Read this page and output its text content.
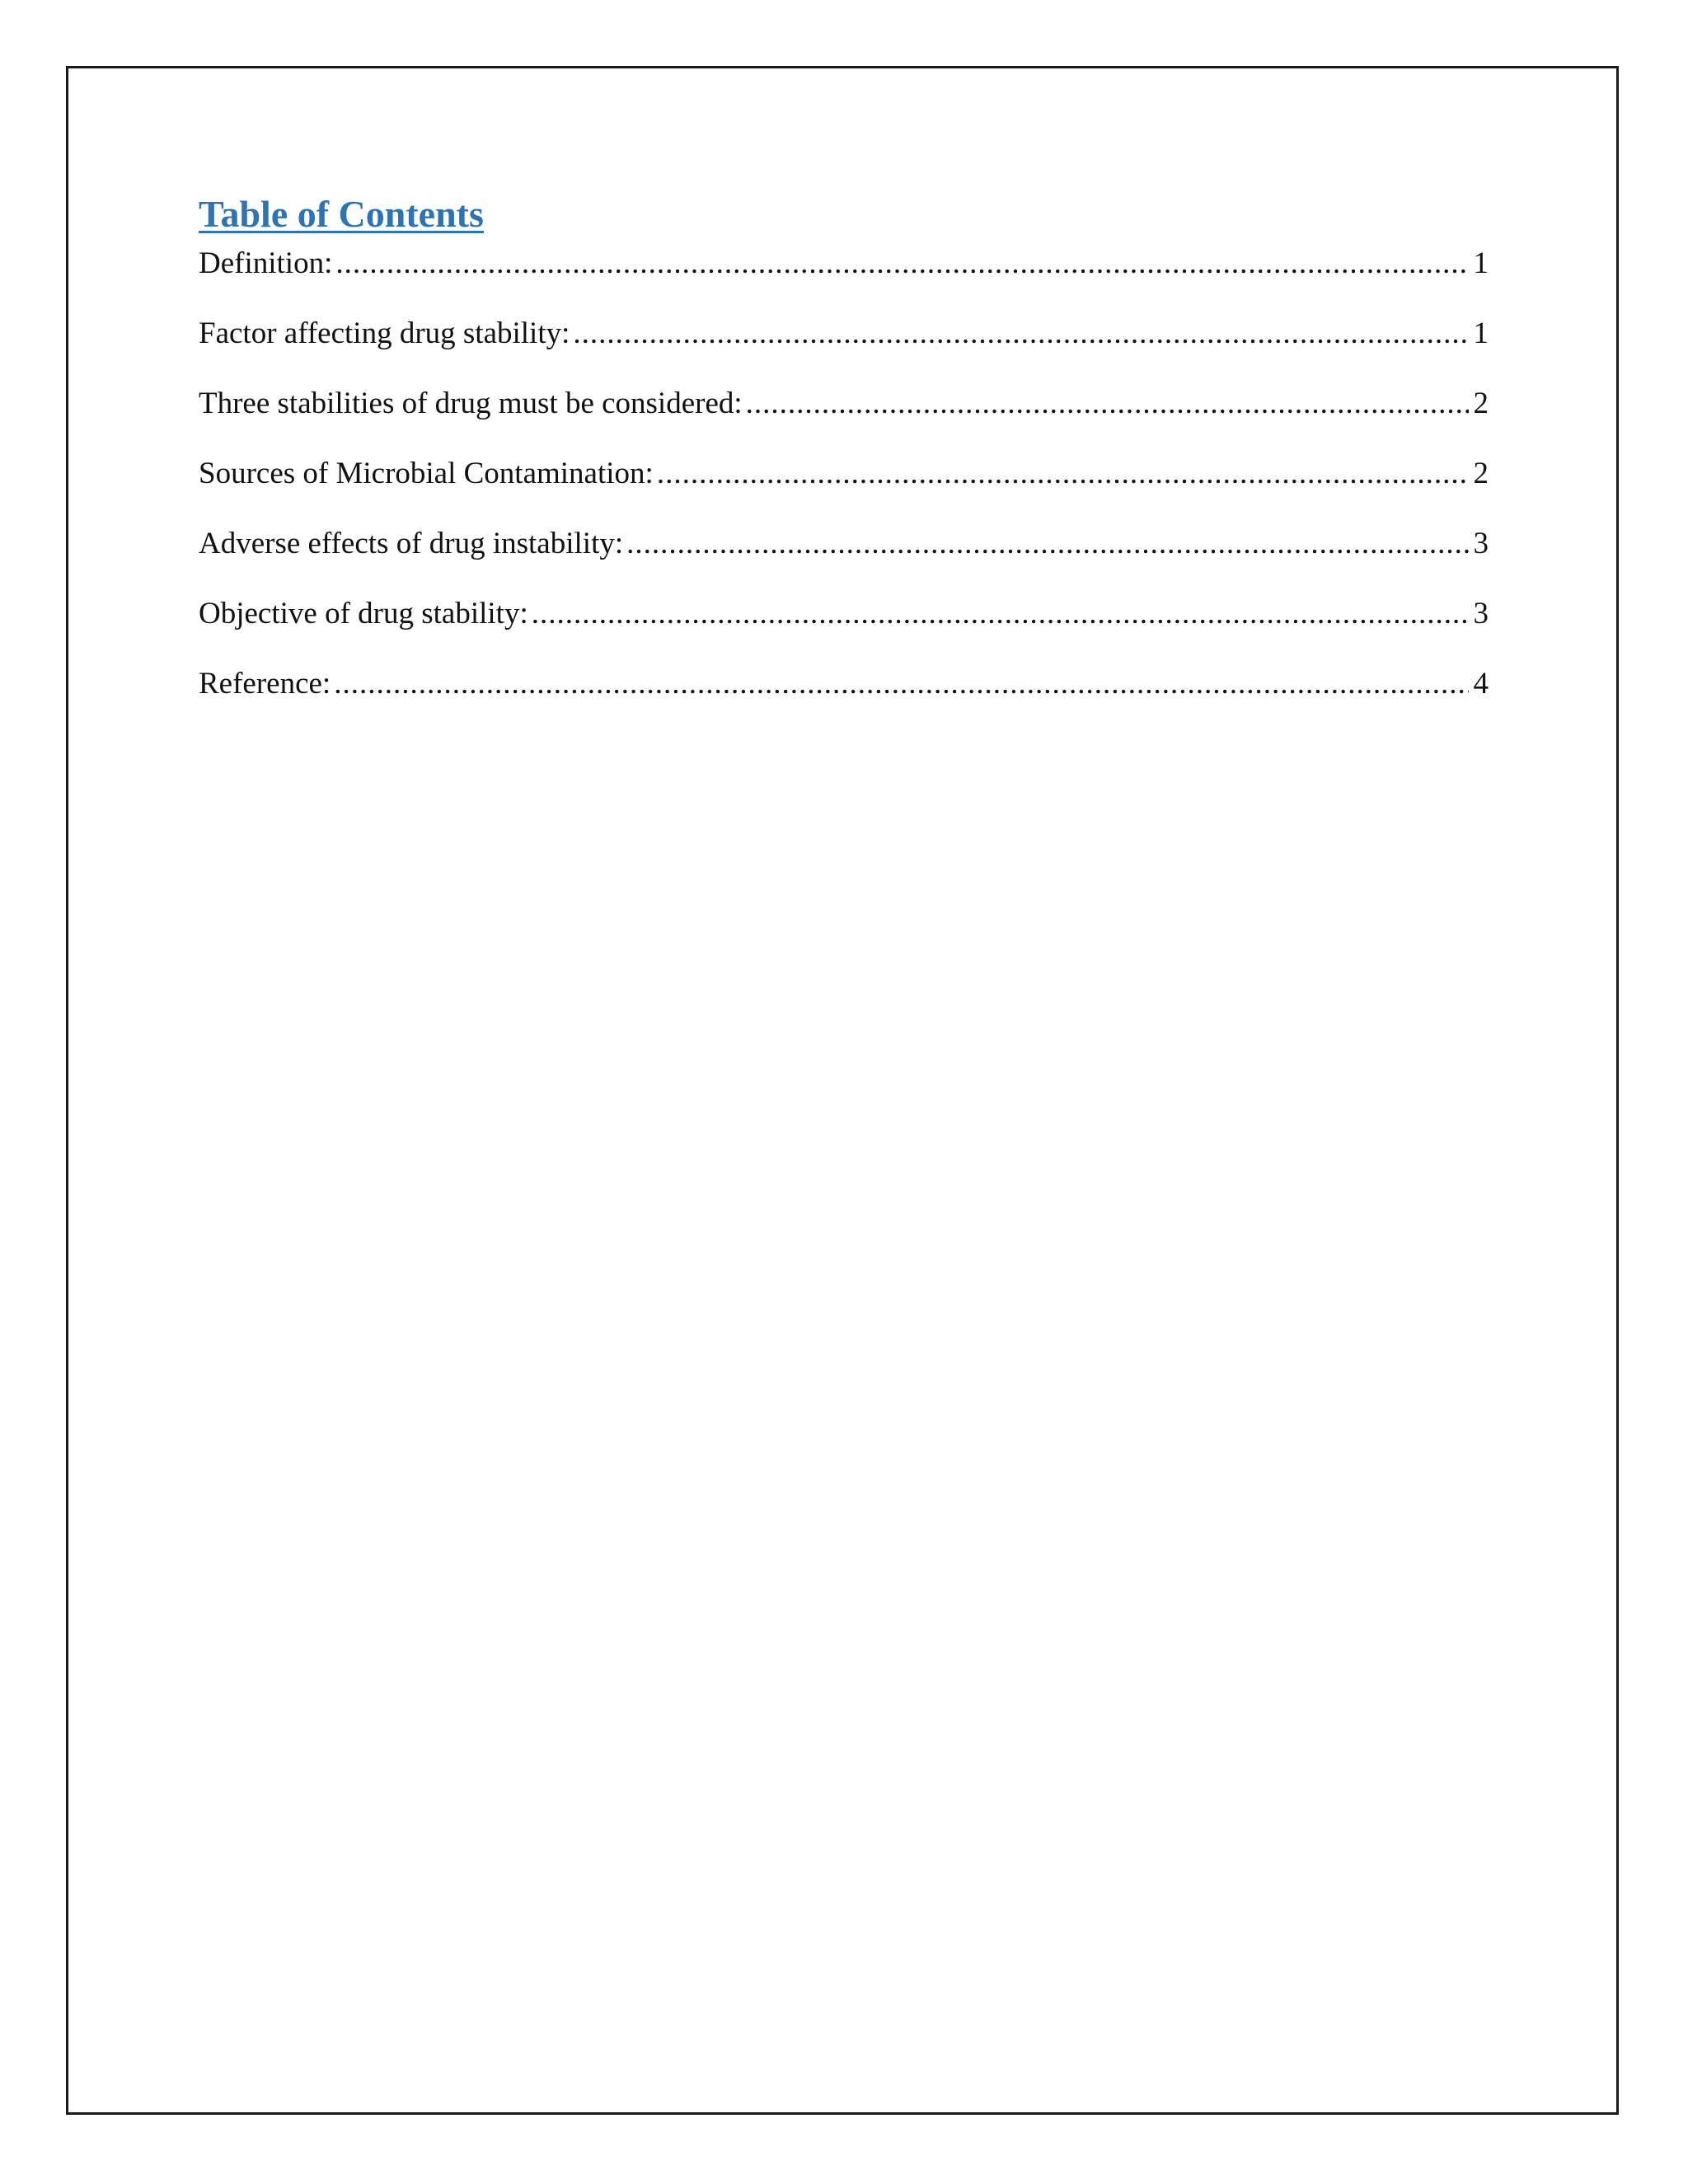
Table of Contents
Definition: .....	1
Factor affecting drug stability: .....	1
Three stabilities of drug must be considered: .....	2
Sources of Microbial Contamination: .....	2
Adverse effects of drug instability: .....	3
Objective of drug stability: .....	3
Reference: .....	4
